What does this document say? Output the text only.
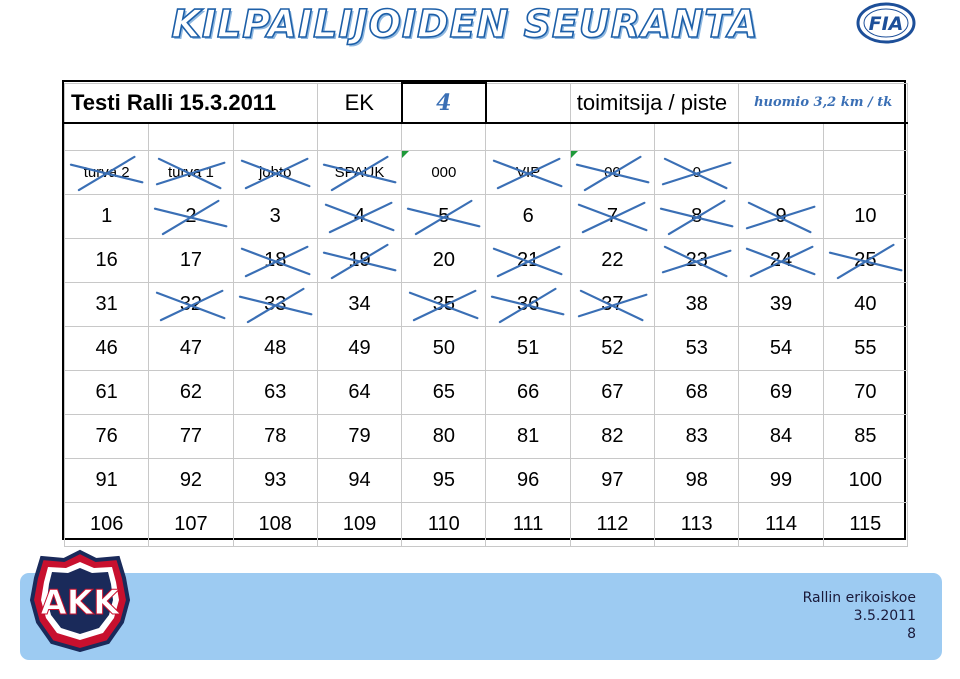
KILPAILIJOIDEN SEURANTA	FIA
Testi Ralli 15.3.2011			EK	4		toimitsija / piste		huomio 3,2 km / tk	

turva 2	turva 1	johto	SPAUK	000	VIP	00	0

1	2	3	4	5	6	7	8	9	10
16	17	18	19	20	21	22	23	24	25

31	32	33	34	35	36	37	38	39	40
46	47	48	49	50	51	52	53	54	55
61	62	63	64	65	66	67	68	69	70
76	77	78	79	80	81	82	83	84	85
91	92	93	94	95	96	97	98	99	100
106	107	108	109	110	111	112	113	114	115
Rallin erikoiskoe
3.5.2011
8
AKK
